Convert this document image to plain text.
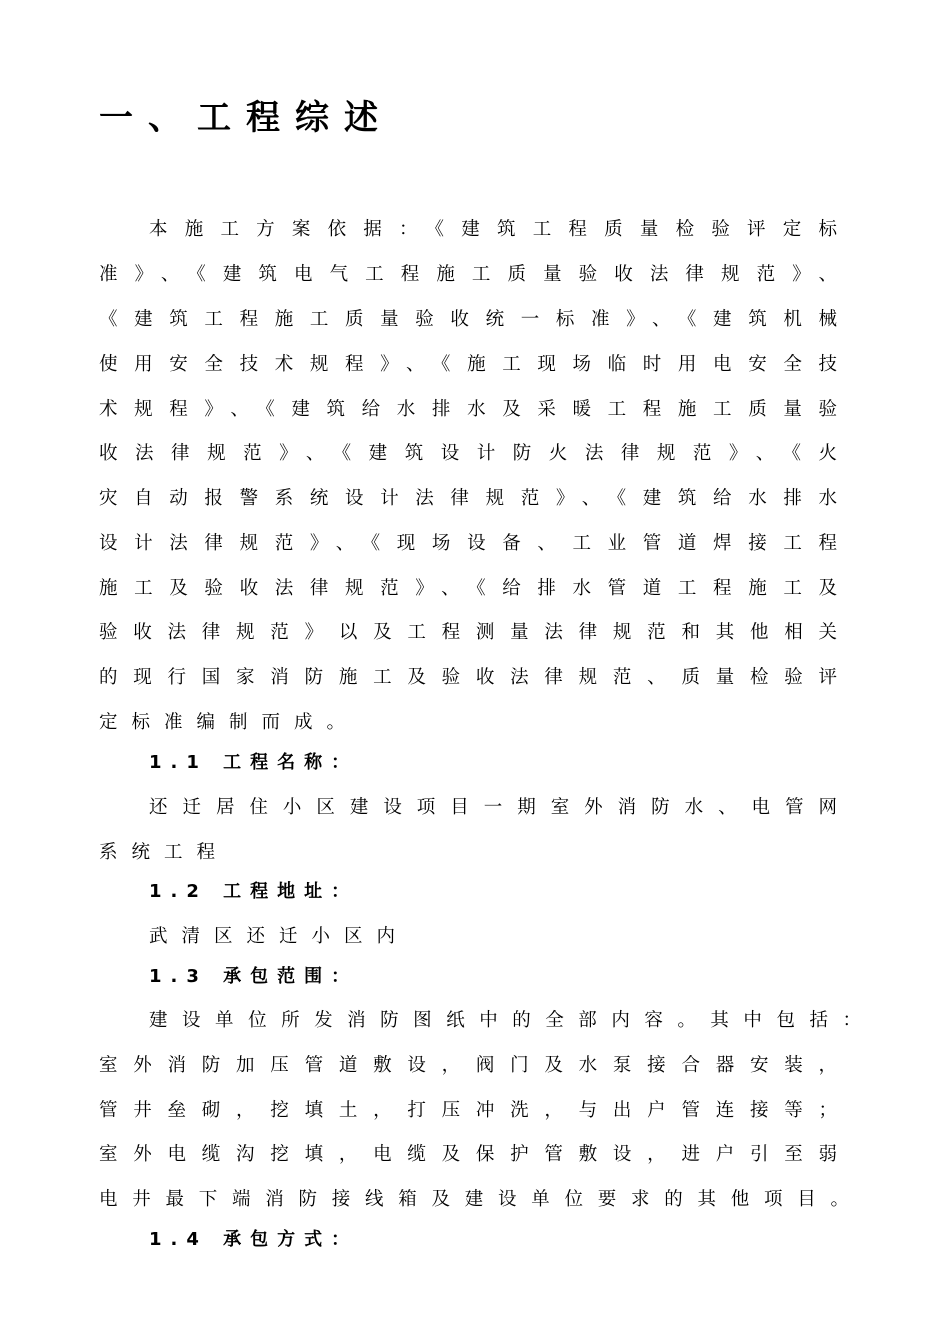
一、工程综述
本施工方案依据：《建筑工程质量检验评定标
准》、《建筑电气工程施工质量验收法律规范》、
《建筑工程施工质量验收统一标准》、《建筑机械
使用安全技术规程》、《施工现场临时用电安全技
术规程》、《建筑给水排水及采暖工程施工质量验
收法律规范》、《建筑设计防火法律规范》、《火
灾自动报警系统设计法律规范》、《建筑给水排水
设计法律规范》、《现场设备、工业管道焊接工程
施工及验收法律规范》、《给排水管道工程施工及
验收法律规范》以及工程测量法律规范和其他相关
的现行国家消防施工及验收法律规范、质量检验评
定标准编制而成。
1.1 工程名称：
还迁居住小区建设项目一期室外消防水、电管网
系统工程
1.2 工程地址：
武清区还迁小区内
1.3 承包范围：
建设单位所发消防图纸中的全部内容。其中包括：
室外消防加压管道敷设，阀门及水泵接合器安装，
管井垒砌，挖填土，打压冲洗，与出户管连接等；
室外电缆沟挖填，电缆及保护管敷设，进户引至弱
电井最下端消防接线箱及建设单位要求的其他项目。
1.4 承包方式：
